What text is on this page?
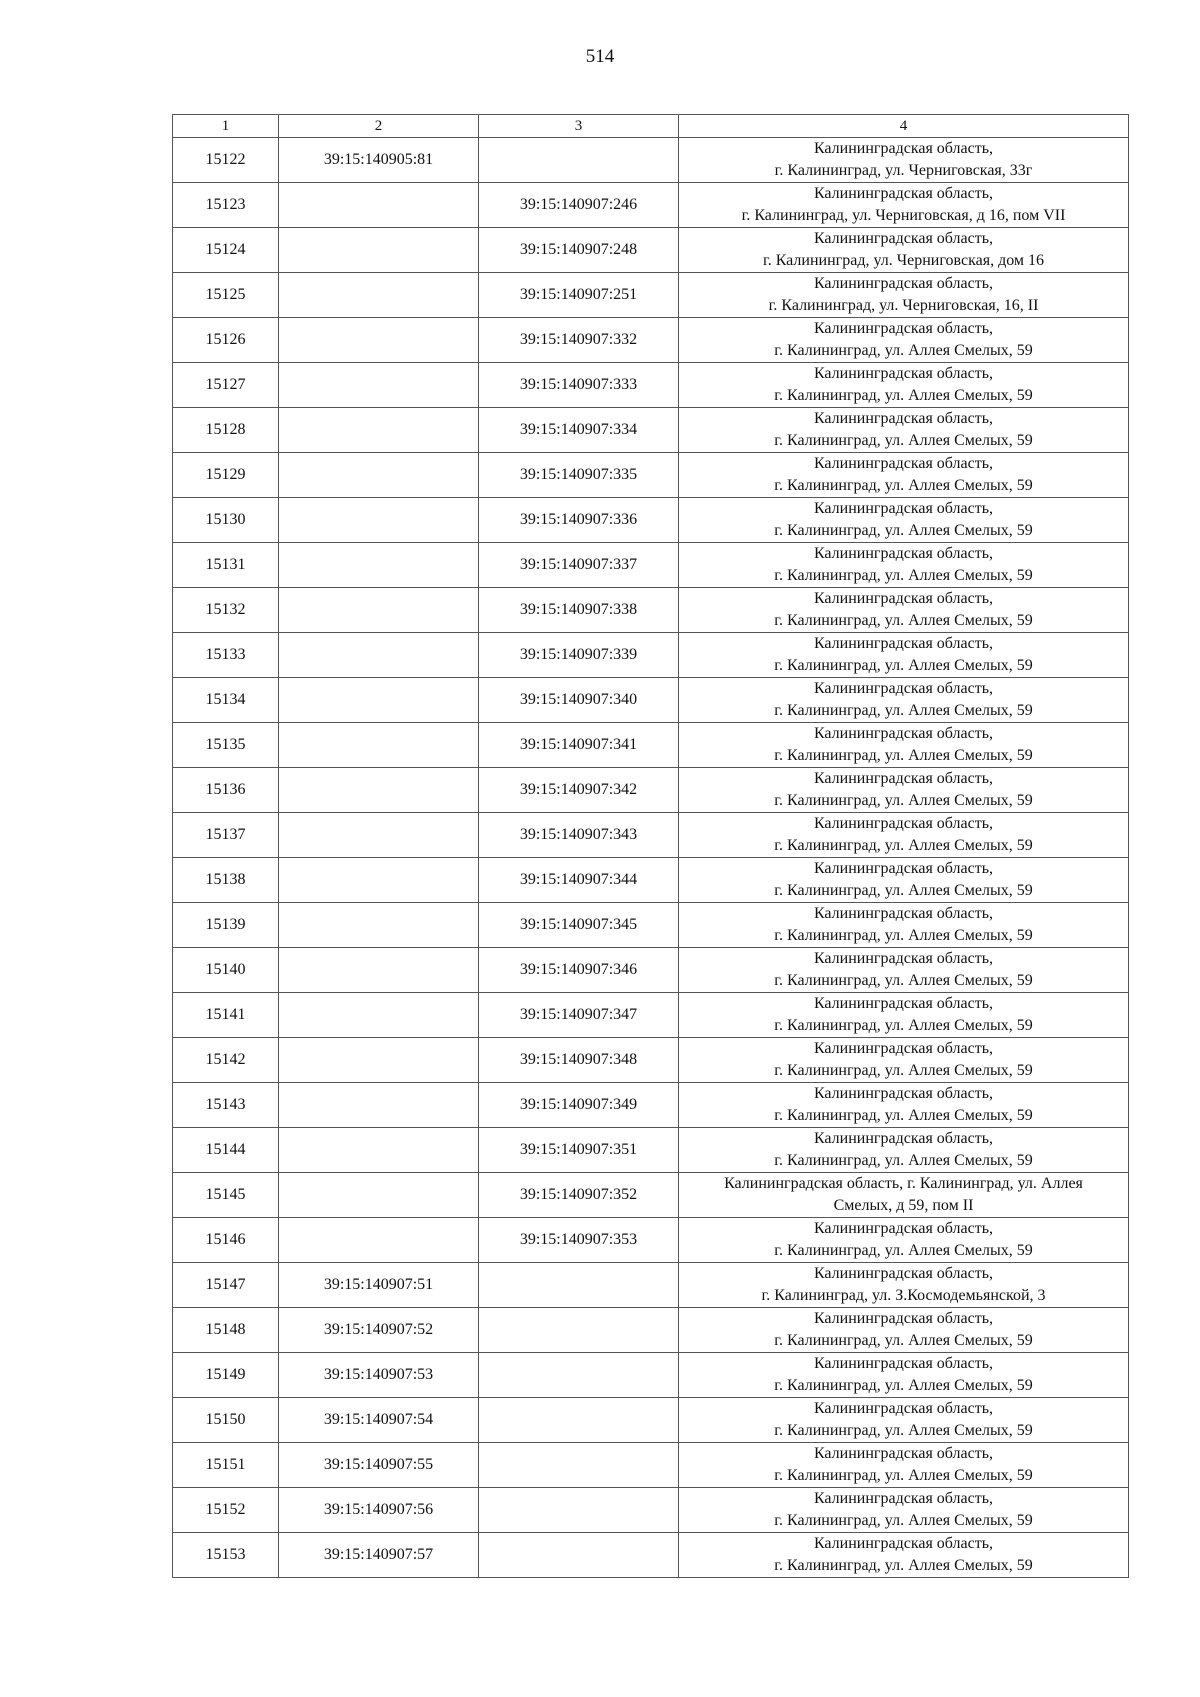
514
1	2	3	4
15122	39:15:140905:81		Калининградская область,
г. Калининград, ул. Черниговская, 33г

15123		39:15:140907:246	Калининградская область,
г. Калининград, ул. Черниговская, д 16, пом VII

15124		39:15:140907:248	Калининградская область,
г. Калининград, ул. Черниговская, дом 16

15125		39:15:140907:251	Калининградская область,
г. Калининград, ул. Черниговская, 16, II

15126		39:15:140907:332	Калининградская область,
г. Калининград, ул. Аллея Смелых, 59

15127		39:15:140907:333	Калининградская область,
г. Калининград, ул. Аллея Смелых, 59

15128		39:15:140907:334	Калининградская область,
г. Калининград, ул. Аллея Смелых, 59

15129		39:15:140907:335	Калининградская область,
г. Калининград, ул. Аллея Смелых, 59

15130		39:15:140907:336	Калининградская область,
г. Калининград, ул. Аллея Смелых, 59

15131		39:15:140907:337	Калининградская область,
г. Калининград, ул. Аллея Смелых, 59

15132		39:15:140907:338	Калининградская область,
г. Калининград, ул. Аллея Смелых, 59

15133		39:15:140907:339	Калининградская область,
г. Калининград, ул. Аллея Смелых, 59

15134		39:15:140907:340	Калининградская область,
г. Калининград, ул. Аллея Смелых, 59

15135		39:15:140907:341	Калининградская область,
г. Калининград, ул. Аллея Смелых, 59

15136		39:15:140907:342	Калининградская область,
г. Калининград, ул. Аллея Смелых, 59

15137		39:15:140907:343	Калининградская область,
г. Калининград, ул. Аллея Смелых, 59

15138		39:15:140907:344	Калининградская область,
г. Калининград, ул. Аллея Смелых, 59

15139		39:15:140907:345	Калининградская область,
г. Калининград, ул. Аллея Смелых, 59

15140		39:15:140907:346	Калининградская область,
г. Калининград, ул. Аллея Смелых, 59

15141		39:15:140907:347	Калининградская область,
г. Калининград, ул. Аллея Смелых, 59

15142		39:15:140907:348	Калининградская область,
г. Калининград, ул. Аллея Смелых, 59

15143		39:15:140907:349	Калининградская область,
г. Калининград, ул. Аллея Смелых, 59

15144		39:15:140907:351	Калининградская область,
г. Калининград, ул. Аллея Смелых, 59

15145		39:15:140907:352	Калининградская область, г. Калининград, ул. Аллея
Смелых, д 59, пом II

15146		39:15:140907:353	Калининградская область,
г. Калининград, ул. Аллея Смелых, 59

15147	39:15:140907:51		Калининградская область,
г. Калининград, ул. З.Космодемьянской, 3

15148	39:15:140907:52		Калининградская область,
г. Калининград, ул. Аллея Смелых, 59

15149	39:15:140907:53		Калининградская область,
г. Калининград, ул. Аллея Смелых, 59

15150	39:15:140907:54		Калининградская область,
г. Калининград, ул. Аллея Смелых, 59

15151	39:15:140907:55		Калининградская область,
г. Калининград, ул. Аллея Смелых, 59

15152	39:15:140907:56		Калининградская область,
г. Калининград, ул. Аллея Смелых, 59

15153	39:15:140907:57		Калининградская область,
г. Калининград, ул. Аллея Смелых, 59
